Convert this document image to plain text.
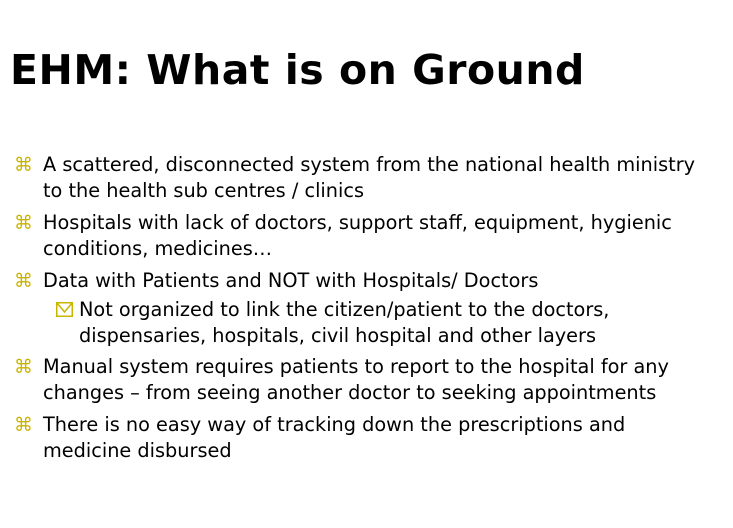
EHM: What is on Ground
⌘ A scattered, disconnected system from the national health ministry
to the health sub centres / clinics
⌘ Hospitals with lack of doctors, support staff, equipment, hygienic
conditions, medicines…
⌘ Data with Patients and NOT with Hospitals/ Doctors
Not organized to link the citizen/patient to the doctors,
dispensaries, hospitals, civil hospital and other layers
⌘ Manual system requires patients to report to the hospital for any
changes – from seeing another doctor to seeking appointments
⌘ There is no easy way of tracking down the prescriptions and
medicine disbursed
